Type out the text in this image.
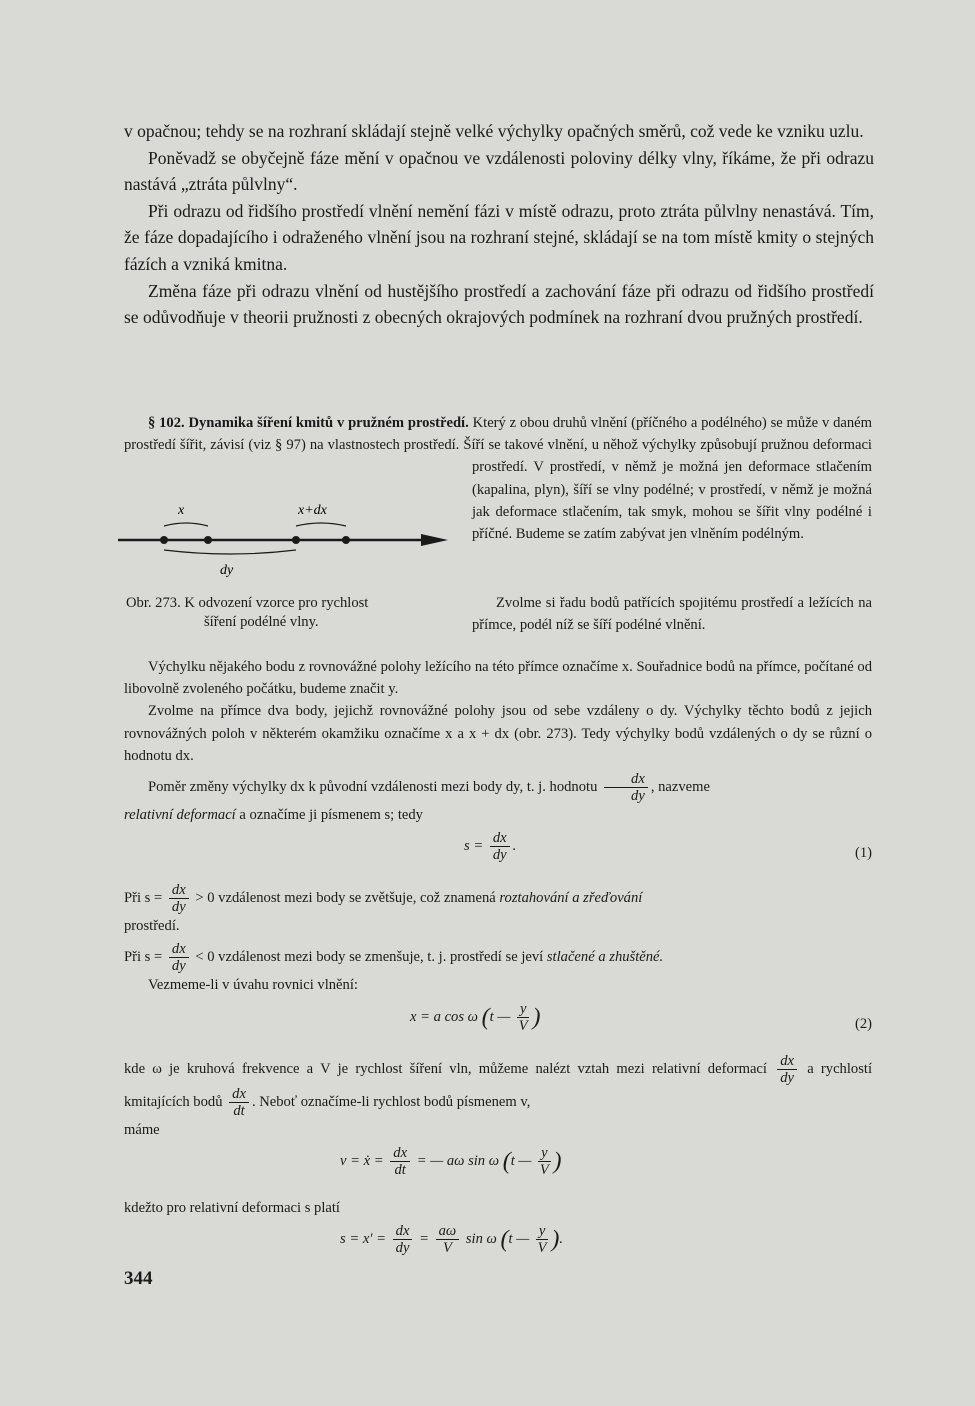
v opačnou; tehdy se na rozhraní skládají stejně velké výchylky opačných směrů, což vede ke vzniku uzlu.

Poněvadž se obyčejně fáze mění v opačnou ve vzdálenosti poloviny délky vlny, říkáme, že při odrazu nastává „ztráta půlvlny“.

Při odrazu od řidšího prostředí vlnění nemění fázi v místě odrazu, proto ztráta půlvlny nenastává. Tím, že fáze dopadajícího i odraženého vlnění jsou na rozhraní stejné, skládají se na tom místě kmity o stejných fázích a vzniká kmitna.

Změna fáze při odrazu vlnění od hustějšího prostředí a zachování fáze při odrazu od řidšího prostředí se odůvodňuje v theorii pružnosti z obecných okrajových podmínek na rozhraní dvou pružných prostředí.

§ 102. Dynamika šíření kmitů v pružném prostředí. Který z obou druhů vlnění (příčného a podélného) se může v daném prostředí šířit, závisí (viz § 97) na vlastnostech prostředí. Šíří se takové vlnění, u něhož výchylky způsobují pružnou deformaci prostředí. V prostředí, v němž je možná jen deformace stlačením (kapalina, plyn), šíří se vlny podélné; v prostředí, v němž je možná jak deformace stlačením, tak smyk, mohou se šířit vlny podélné i příčné. Budeme se zatím zabývat jen vlněním podélným.

x	x+dx
dy
Obr. 273. K odvození vzorce pro rychlost
šíření podélné vlny.
Zvolme si řadu bodů patřících spojitému prostředí a ležících na přímce, podél níž se šíří podélné vlnění.

Výchylku nějakého bodu z rovnovážné polohy ležícího na této přímce označíme x. Souřadnice bodů na přímce, počítané od libovolně zvoleného počátku, budeme značit y.

Zvolme na přímce dva body, jejichž rovnovážné polohy jsou od sebe vzdáleny o dy. Výchylky těchto bodů z jejich rovnovážných poloh v některém okamžiku označíme x a x + dx (obr. 273). Tedy výchylky bodů vzdálených o dy se různí o hodnotu dx.

Poměr změny výchylky dx k původní vzdálenosti mezi body dy, t. j. hodnotu $\frac{dx}{dy}$ , nazveme
relativní deformací a označíme ji písmenem s; tedy

$s = \frac{dx}{dy}$ .	(1)

Při $s = \frac{dx}{dy} > 0$ vzdálenost mezi body se zvětšuje, což znamená roztahování a zřeďování
prostředí.

Při $s = \frac{dx}{dy} < 0$ vzdálenost mezi body se zmenšuje, t. j. prostředí se jeví stlačené a zhuštěné.

Vezmeme-li v úvahu rovnici vlnění:

x = a cos ω (t — $\frac{y}{V}$ )	(2)

kde ω je kruhová frekvence a V je rychlost šíření vln, můžeme nalézt vztah mezi relativní deformací $\frac{dx}{dy}$ a rychlostí kmitajících bodů $\frac{dx}{dt}$ . Neboť označíme-li rychlost bodů písmenem v,
máme

v = ẋ = $\frac{dx}{dt}$ = — aω sin ω (t — $\frac{y}{V}$ )

kdežto pro relativní deformaci s platí

$s = x' = \frac{dx}{dy} = \frac{a\omega}{V}$ sin ω (t — $\frac{y}{V}$ ).
344
